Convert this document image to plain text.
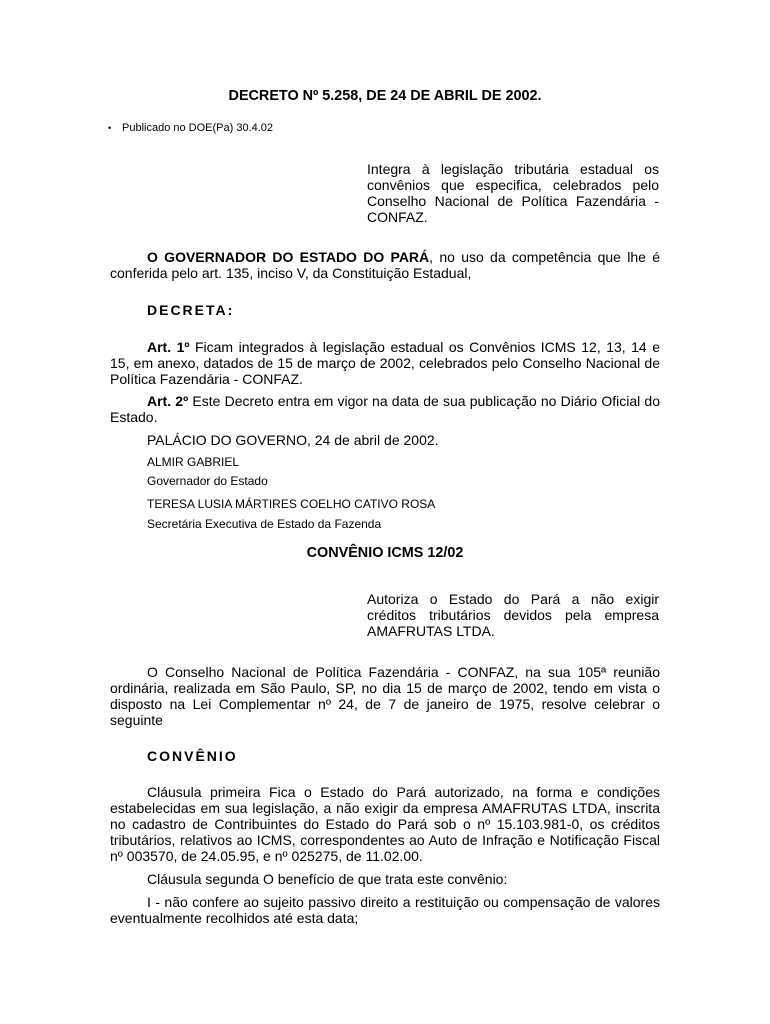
DECRETO Nº 5.258, DE 24 DE ABRIL DE 2002.
• Publicado no DOE(Pa) 30.4.02
Integra à legislação tributária estadual os convênios que especifica, celebrados pelo Conselho Nacional de Política Fazendária - CONFAZ.
O GOVERNADOR DO ESTADO DO PARÁ, no uso da competência que lhe é conferida pelo art. 135, inciso V, da Constituição Estadual,
DECRETA:
Art. 1º Ficam integrados à legislação estadual os Convênios ICMS 12, 13, 14 e 15, em anexo, datados de 15 de março de 2002, celebrados pelo Conselho Nacional de Política Fazendária - CONFAZ.
Art. 2º Este Decreto entra em vigor na data de sua publicação no Diário Oficial do Estado.
PALÁCIO DO GOVERNO, 24 de abril de 2002.
ALMIR GABRIEL
Governador do Estado
TERESA LUSIA MÁRTIRES COELHO CATIVO ROSA
Secretária Executiva de Estado da Fazenda
CONVÊNIO ICMS 12/02
Autoriza o Estado do Pará a não exigir créditos tributários devidos pela empresa AMAFRUTAS LTDA.
O Conselho Nacional de Política Fazendária - CONFAZ, na sua 105ª reunião ordinária, realizada em São Paulo, SP, no dia 15 de março de 2002, tendo em vista o disposto na Lei Complementar nº 24, de 7 de janeiro de 1975, resolve celebrar o seguinte
CONVÊNIO
Cláusula primeira Fica o Estado do Pará autorizado, na forma e condições estabelecidas em sua legislação, a não exigir da empresa AMAFRUTAS LTDA, inscrita no cadastro de Contribuintes do Estado do Pará sob o nº 15.103.981-0, os créditos tributários, relativos ao ICMS, correspondentes ao Auto de Infração e Notificação Fiscal nº 003570, de 24.05.95, e nº 025275, de 11.02.00.
Cláusula segunda O benefício de que trata este convênio:
I - não confere ao sujeito passivo direito a restituição ou compensação de valores eventualmente recolhidos até esta data;
